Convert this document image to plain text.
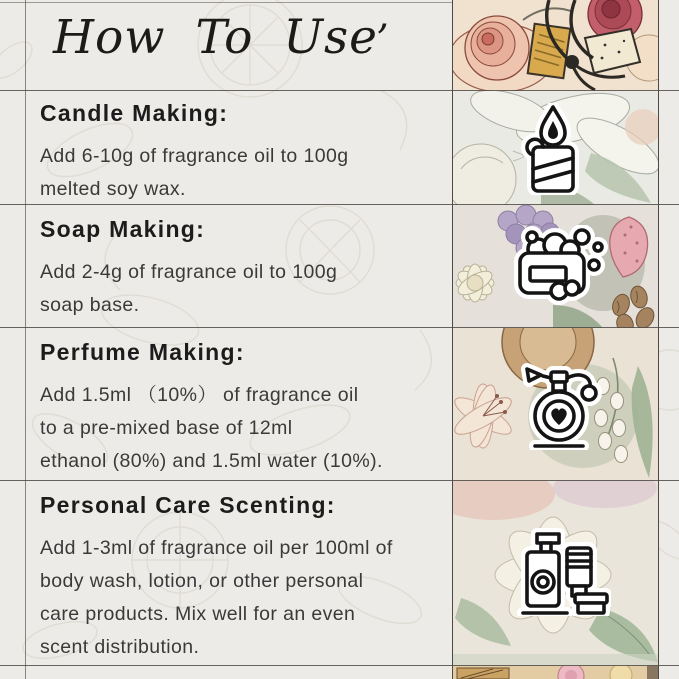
How To Use’
Candle Making:
Add 6-10g of fragrance oil to 100g
melted soy wax.
Soap Making:
Add 2-4g of fragrance oil to 100g
soap base.
Perfume Making:
Add 1.5ml （10%） of fragrance oil
to a pre-mixed base of 12ml
ethanol (80%) and 1.5ml water (10%).
Personal Care Scenting:
Add 1-3ml of fragrance oil per 100ml of
body wash, lotion, or other personal
care products. Mix well for an even
scent distribution.
